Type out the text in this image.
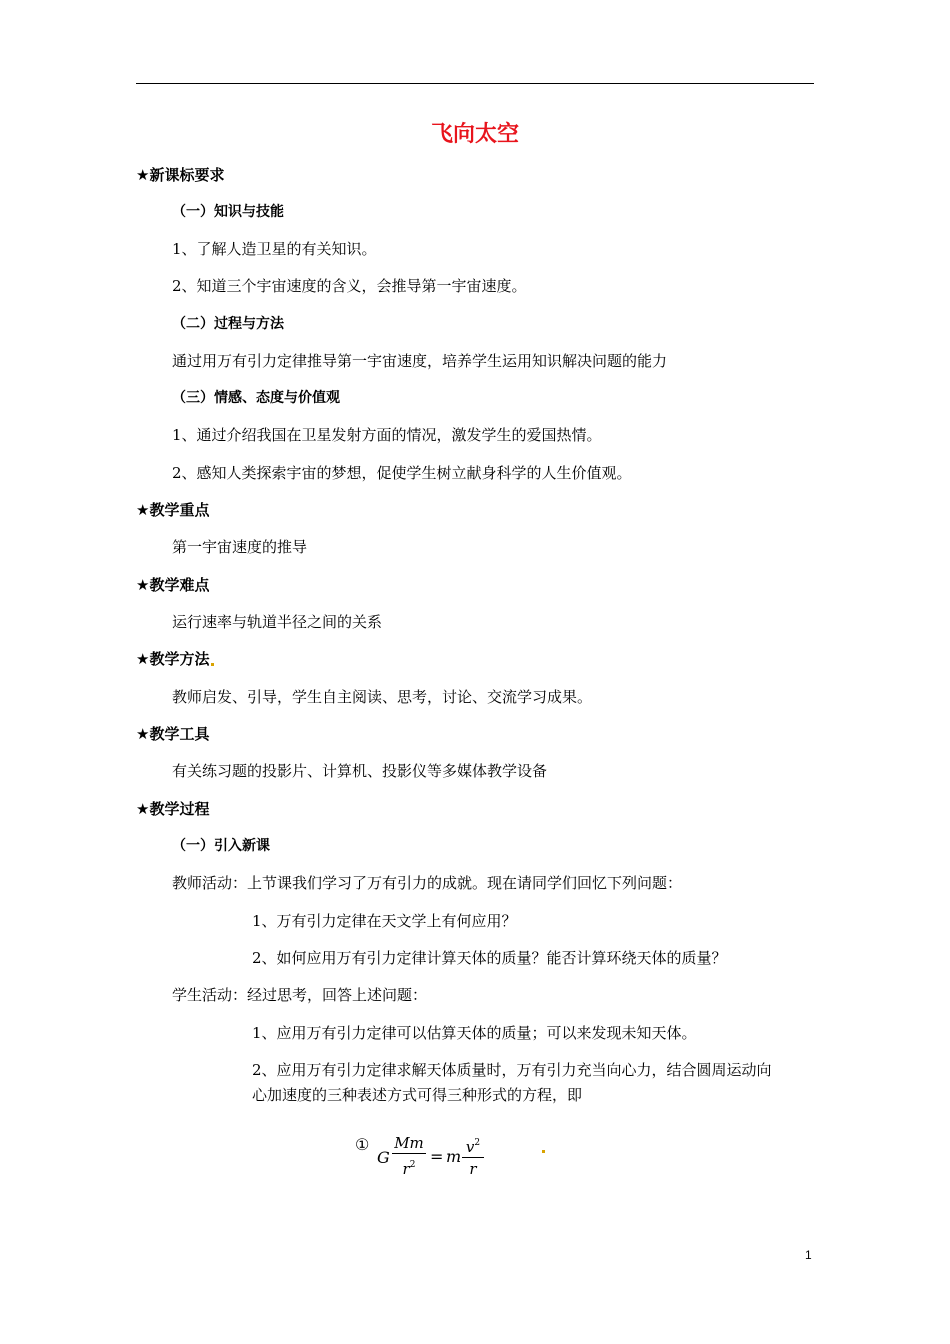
飞向太空
★新课标要求
（一）知识与技能
1、了解人造卫星的有关知识。
2、知道三个宇宙速度的含义，会推导第一宇宙速度。
（二）过程与方法
通过用万有引力定律推导第一宇宙速度，培养学生运用知识解决问题的能力
（三）情感、态度与价值观
1、通过介绍我国在卫星发射方面的情况，激发学生的爱国热情。
2、感知人类探索宇宙的梦想，促使学生树立献身科学的人生价值观。
★教学重点
第一宇宙速度的推导
★教学难点
运行速率与轨道半径之间的关系
★教学方法
教师启发、引导，学生自主阅读、思考，讨论、交流学习成果。
★教学工具
有关练习题的投影片、计算机、投影仪等多媒体教学设备
★教学过程
（一）引入新课
教师活动：上节课我们学习了万有引力的成就。现在请同学们回忆下列问题：
1、万有引力定律在天文学上有何应用？
2、如何应用万有引力定律计算天体的质量？能否计算环绕天体的质量？
学生活动：经过思考，回答上述问题：
1、应用万有引力定律可以估算天体的质量；可以来发现未知天体。
2、应用万有引力定律求解天体质量时，万有引力充当向心力，结合圆周运动向
心加速度的三种表述方式可得三种形式的方程，即
①
G
Mm
$r^2 = m$ $v^2$
r
1
